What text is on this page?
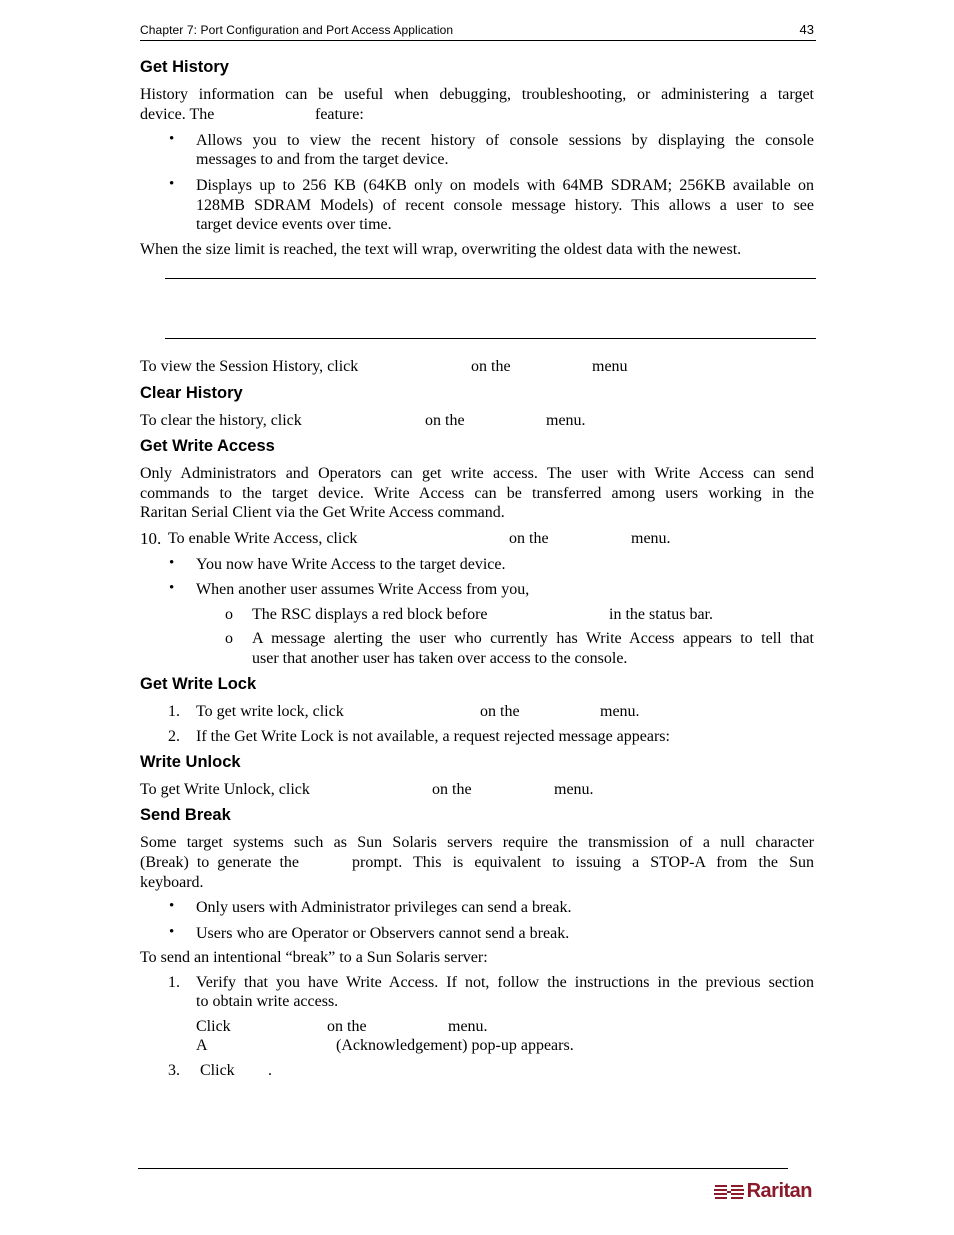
Chapter 7: Port Configuration and Port Access Application	43
Get History
History information can be useful when debugging, troubleshooting, or administering a target
device. The	feature:
• Allows you to view the recent history of console sessions by displaying the console
messages to and from the target device.
• Displays up to 256 KB (64KB only on models with 64MB SDRAM; 256KB available on
128MB SDRAM Models) of recent console message history. This allows a user to see
target device events over time.
When the size limit is reached, the text will wrap, overwriting the oldest data with the newest.
To view the Session History, click	on the	menu
Clear History
To clear the history, click	on the	menu.
Get Write Access
Only Administrators and Operators can get write access. The user with Write Access can send
commands to the target device. Write Access can be transferred among users working in the
Raritan Serial Client via the Get Write Access command.
10. To enable Write Access, click	on the	menu.
• You now have Write Access to the target device.
• When another user assumes Write Access from you,
o The RSC displays a red block before	in the status bar.
o A message alerting the user who currently has Write Access appears to tell that
user that another user has taken over access to the console.
Get Write Lock
1. To get write lock, click	on the	menu.
2. If the Get Write Lock is not available, a request rejected message appears:
Write Unlock
To get Write Unlock, click	on the	menu.
Send Break
Some target systems such as Sun Solaris servers require the transmission of a null character
(Break) to generate the	prompt. This is equivalent to issuing a STOP-A from the Sun
keyboard.
• Only users with Administrator privileges can send a break.
• Users who are Operator or Observers cannot send a break.
To send an intentional “break” to a Sun Solaris server:
1. Verify that you have Write Access. If not, follow the instructions in the previous section
to obtain write access.
Click	on the	menu.
A	(Acknowledgement) pop-up appears.
3. Click .
Raritan
